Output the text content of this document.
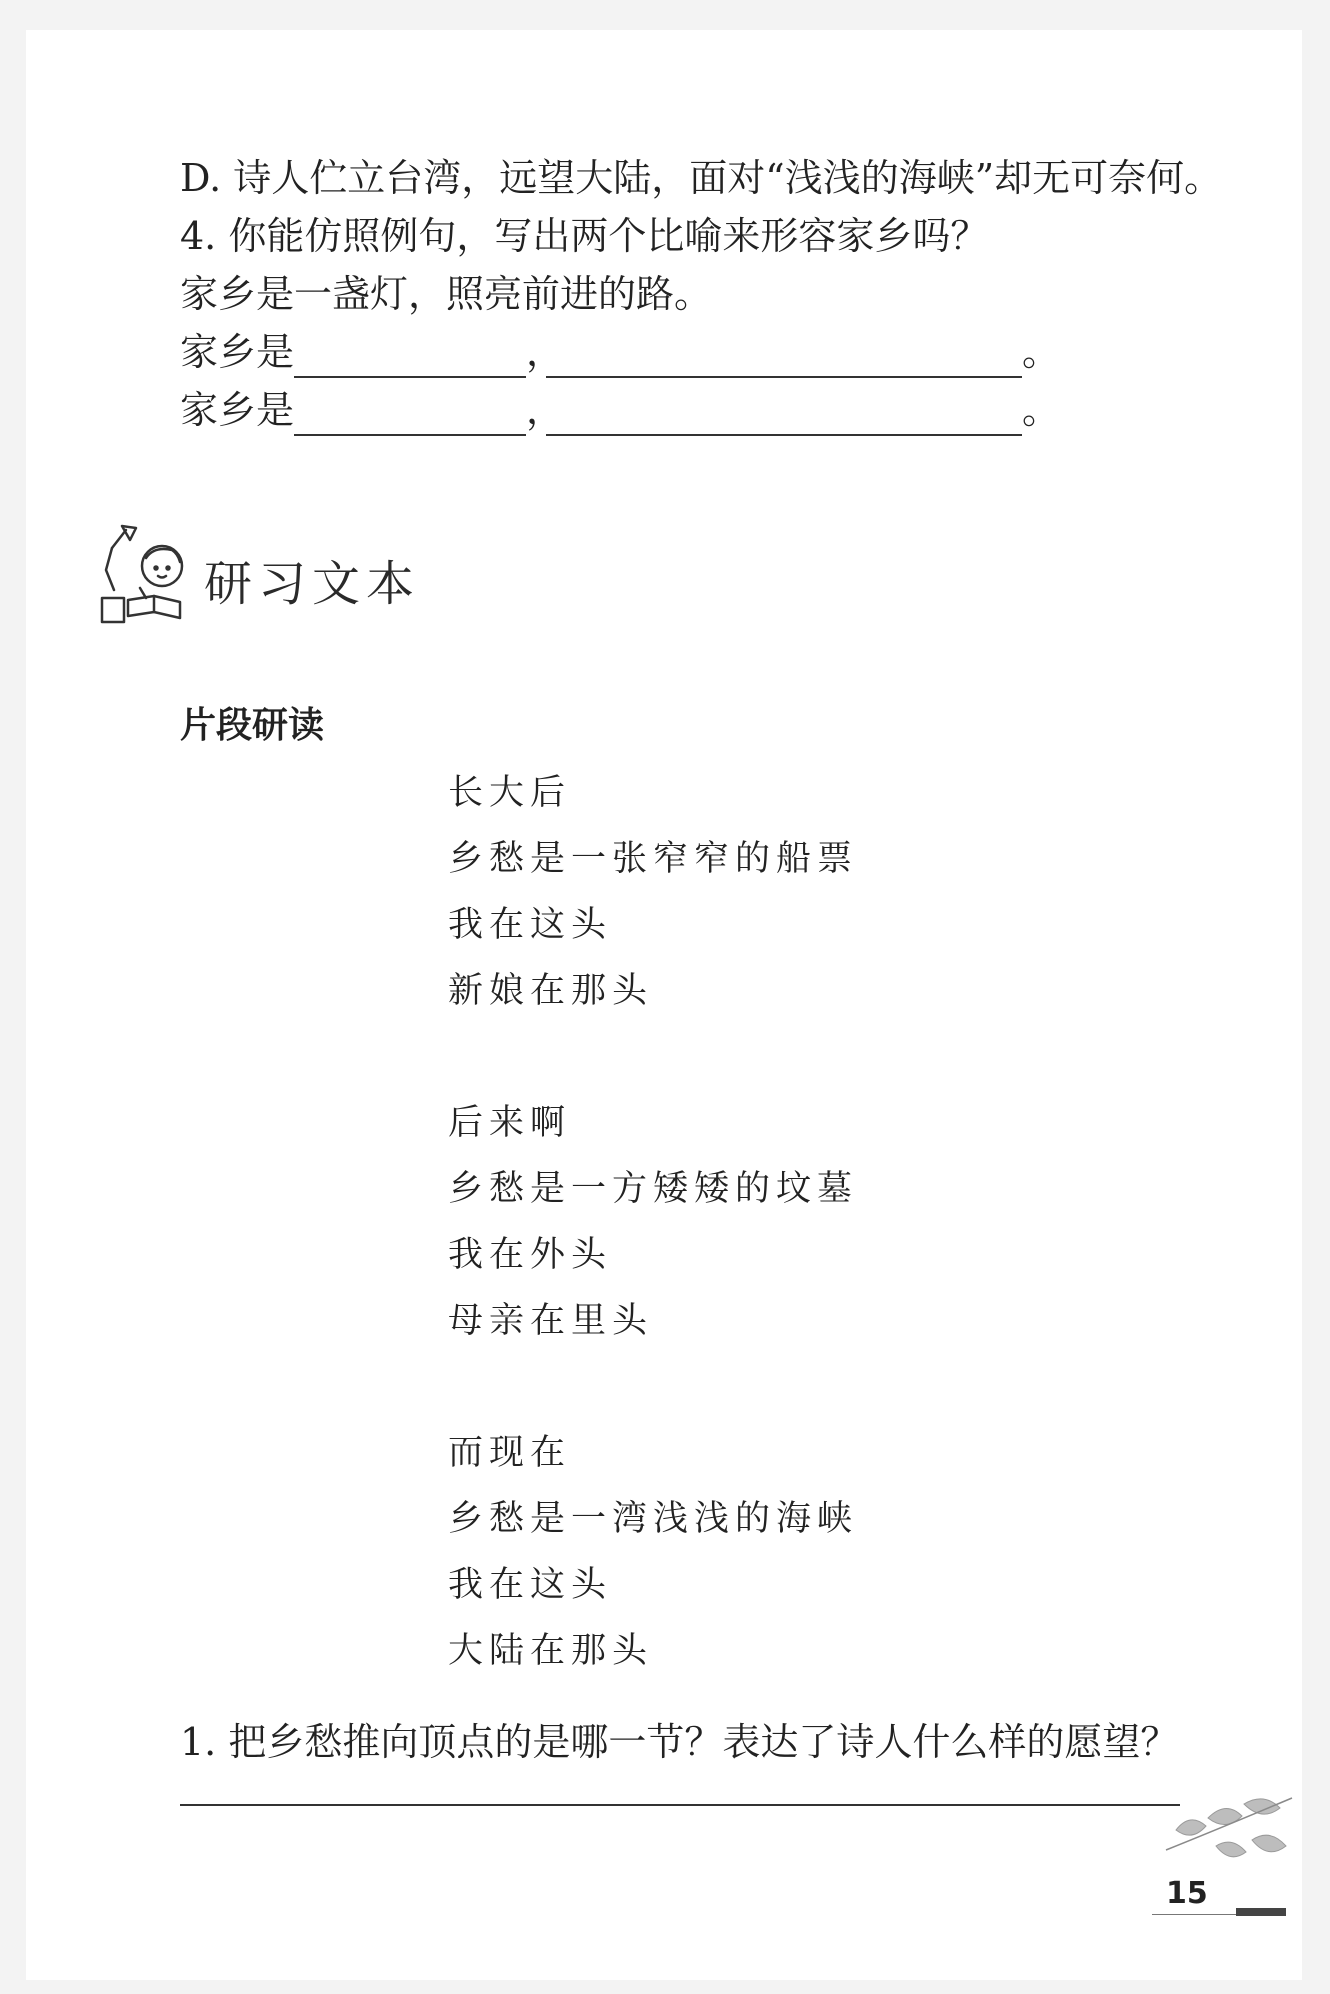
D. 诗人伫立台湾，远望大陆，面对“浅浅的海峡”却无可奈何。
4. 你能仿照例句，写出两个比喻来形容家乡吗？
家乡是一盏灯，照亮前进的路。
家乡是	，	。
家乡是	，	。
研习文本
片段研读
长大后
乡愁是一张窄窄的船票
我在这头
新娘在那头
后来啊
乡愁是一方矮矮的坟墓
我在外头
母亲在里头
而现在
乡愁是一湾浅浅的海峡
我在这头
大陆在那头
1. 把乡愁推向顶点的是哪一节？表达了诗人什么样的愿望？
15
